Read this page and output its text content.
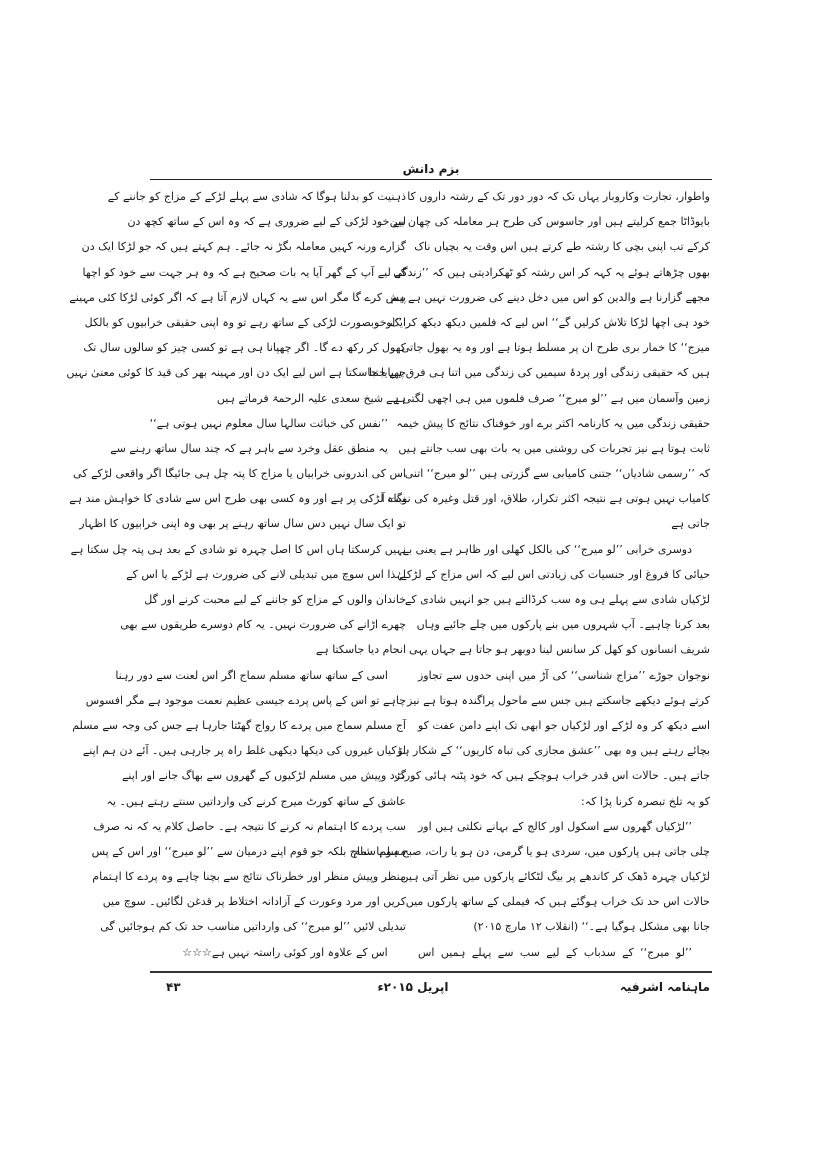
بزم دانش
واطوار، تجارت وکاروبار یہاں تک کہ دور دور تک کے رشتہ داروں کا
بایوڈاٹا جمع کرلیتے ہیں اور جاسوس کی طرح ہر معاملہ کی چھان بین
کرکے تب اپنی بچی کا رشتہ طے کرتے ہیں اس وقت یہ بچیاں ناک
بھوں چڑھاتے ہوئے یہ کہہ کر اس رشتہ کو ٹھکرادیتی ہیں کہ ’’زندگی
مجھے گزارنا ہے والدین کو اس میں دخل دینے کی ضرورت نہیں ہے ہم
خود ہی اچھا لڑکا تلاش کرلیں گے‘‘ اس لیے کہ فلمیں دیکھ دیکھ کر ’’لو
میرج‘‘ کا خمار بری طرح ان پر مسلط ہوتا ہے اور وہ یہ بھول جاتی
ہیں کہ حقیقی زندگی اور پردۂ سیمیں کی زندگی میں اتنا ہی فرق ہے جتنا
زمین وآسمان میں ہے ’’لو میرج‘‘ صرف فلموں میں ہی اچھی لگتی ہے
حقیقی زندگی میں یہ کارنامہ اکثر برے اور خوفناک نتائج کا پیش خیمہ
ثابت ہوتا ہے نیز تجربات کی روشنی میں یہ بات بھی سب جانتے ہیں
کہ ’’رسمی شادیاں‘‘ جتنی کامیابی سے گزرتی ہیں ’’لو میرج‘‘ اتنی
کامیاب نہیں ہوتی ہے نتیجہ اکثر تکرار، طلاق، اور قتل وغیرہ کی نوبت آ
جاتی ہے
دوسری خرابی ’’لو میرج‘‘ کی بالکل کھلی اور ظاہر ہے یعنی بے
حیائی کا فروغ اور جنسیات کی زیادتی اس لیے کہ اس مزاج کے لڑکے
لڑکیاں شادی سے پہلے ہی وہ سب کرڈالتے ہیں جو انہیں شادی کے
بعد کرنا چاہیے۔ آپ شہروں میں بنے پارکوں میں چلے جائیے وہاں
شریف انسانوں کو کھل کر سانس لینا دوبھر ہو جاتا ہے جہاں یہی
نوجوان جوڑے ’’مزاج شناسی‘‘ کی آڑ میں اپنی حدوں سے تجاوز
کرتے ہوئے دیکھے جاسکتے ہیں جس سے ماحول پراگندہ ہوتا ہے نیز
اسے دیکھ کر وہ لڑکے اور لڑکیاں جو ابھی تک اپنے دامن عفت کو
بچائے رہتے ہیں وہ بھی ’’عشق مجازی کی تباہ کاریوں‘‘ کے شکار ہو
جاتے ہیں۔ حالات اس قدر خراب ہوچکے ہیں کہ خود پٹنہ ہائی کورٹ
کو یہ تلخ تبصرہ کرنا پڑا کہ:
’’لڑکیاں گھروں سے اسکول اور کالج کے بہانے نکلتی ہیں اور
چلی جاتی ہیں پارکوں میں، سردی ہو یا گرمی، دن ہو یا رات، صبح ہو یا شام
لڑکیاں چہرہ ڈھک کر کاندھے پر بیگ لٹکائے پارکوں میں نظر آتی ہیں
حالات اس حد تک خراب ہوگئے ہیں کہ فیملی کے ساتھ پارکوں میں
جانا بھی مشکل ہوگیا ہے۔‘‘ (انقلاب ۱۲ مارچ ۲۰۱۵)
’’لو میرج‘‘ کے سدباب کے لیے سب سے پہلے ہمیں اس
ذہنیت کو بدلنا ہوگا کہ شادی سے پہلے لڑکے کے مزاج کو جاننے کے
لیے خود لڑکی کے لیے ضروری ہے کہ وہ اس کے ساتھ کچھ دن
گزارے ورنہ کہیں معاملہ بگڑ نہ جائے۔ ہم کہتے ہیں کہ جو لڑکا ایک دن
کے لیے آپ کے گھر آیا یہ بات صحیح ہے کہ وہ ہر جہت سے خود کو اچھا
پیش کرے گا مگر اس سے یہ کہاں لازم آتا ہے کہ اگر کوئی لڑکا کئی مہینے
ایک خوبصورت لڑکی کے ساتھ رہے تو وہ اپنی حقیقی خرابیوں کو بالکل
کھول کر رکھ دے گا۔ اگر چھپانا ہی ہے تو کسی چیز کو سالوں سال تک
چھپایا جاسکتا ہے اس لیے ایک دن اور مہینہ بھر کی قید کا کوئی معنیٰ نہیں
ہے۔ شیخ سعدی علیہ الرحمۃ فرماتے ہیں
’’نفس کی خباثت سالہا سال معلوم نہیں ہوتی ہے‘‘
یہ منطق عقل وخرد سے باہر ہے کہ چند سال ساتھ رہنے سے
اس کی اندرونی خرابیاں یا مزاج کا پتہ چل ہی جائیگا اگر واقعی لڑکے کی
نگاہ لڑکی پر ہے اور وہ کسی بھی طرح اس سے شادی کا خواہش مند ہے
تو ایک سال نہیں دس سال ساتھ رہنے پر بھی وہ اپنی خرابیوں کا اظہار
نہیں کرسکتا ہاں اس کا اصل چہرہ تو شادی کے بعد ہی پتہ چل سکتا ہے
لہٰذا اس سوچ میں تبدیلی لانے کی ضرورت ہے لڑکے یا اس کے
خاندان والوں کے مزاج کو جاننے کے لیے محبت کرنے اور گل
چھرے اڑانے کی ضرورت نہیں۔ یہ کام دوسرے طریقوں سے بھی
انجام دیا جاسکتا ہے
اسی کے ساتھ ساتھ مسلم سماج اگر اس لعنت سے دور رہنا
چاہے تو اس کے پاس پردے جیسی عظیم نعمت موجود ہے مگر افسوس
آج مسلم سماج میں پردے کا رواج گھٹتا جارہا ہے جس کی وجہ سے مسلم
لڑکیاں غیروں کی دیکھا دیکھی غلط راہ پر جارہی ہیں۔ آئے دن ہم اپنے
گرد وپیش میں مسلم لڑکیوں کے گھروں سے بھاگ جانے اور اپنے
عاشق کے ساتھ کورٹ میرج کرنے کی وارداتیں سنتے رہتے ہیں۔ یہ
سب پردے کا اہتمام نہ کرنے کا نتیجہ ہے۔ حاصل کلام یہ کہ نہ صرف
مسلم سماج بلکہ جو قوم اپنے درمیان سے ’’لو میرج‘‘ اور اس کے پس
منظر وپیش منظر اور خطرناک نتائج سے بچنا چاہے وہ پردے کا اہتمام
کریں اور مرد وعورت کے آزادانہ اختلاط پر قدغن لگائیں۔ سوچ میں
تبدیلی لائیں ’’لو میرج‘‘ کی وارداتیں مناسب حد تک کم ہوجائیں گی
اس کے علاوہ اور کوئی راستہ نہیں ہے☆☆☆
ماہنامہ اشرفیہ
اپریل ۲۰۱۵ء
۴۳
